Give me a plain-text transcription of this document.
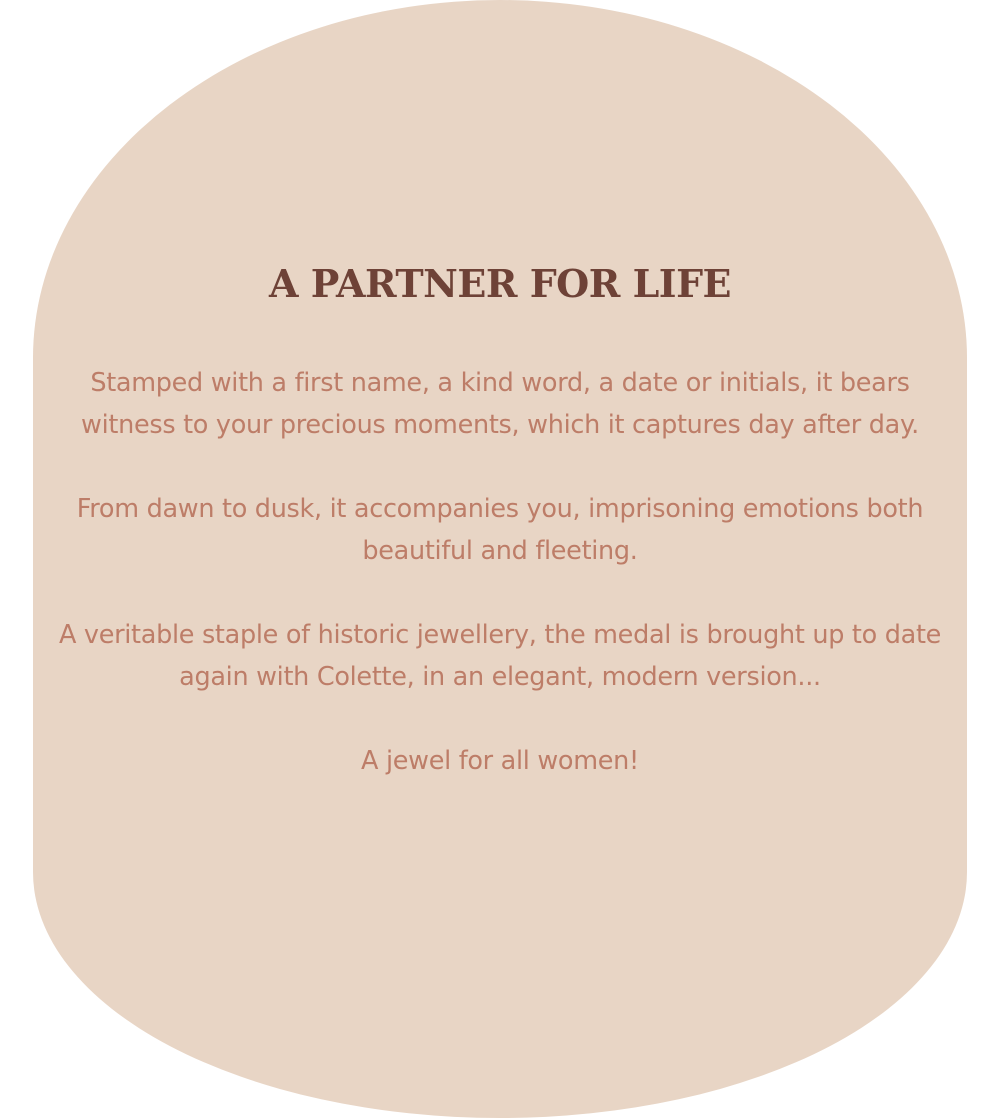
A PARTNER FOR LIFE

Stamped with a first name, a kind word, a date or initials, it bears witness to your precious moments, which it captures day after day.

From dawn to dusk, it accompanies you, imprisoning emotions both beautiful and fleeting.

A veritable staple of historic jewellery, the medal is brought up to date again with Colette, in an elegant, modern version...

A jewel for all women!
